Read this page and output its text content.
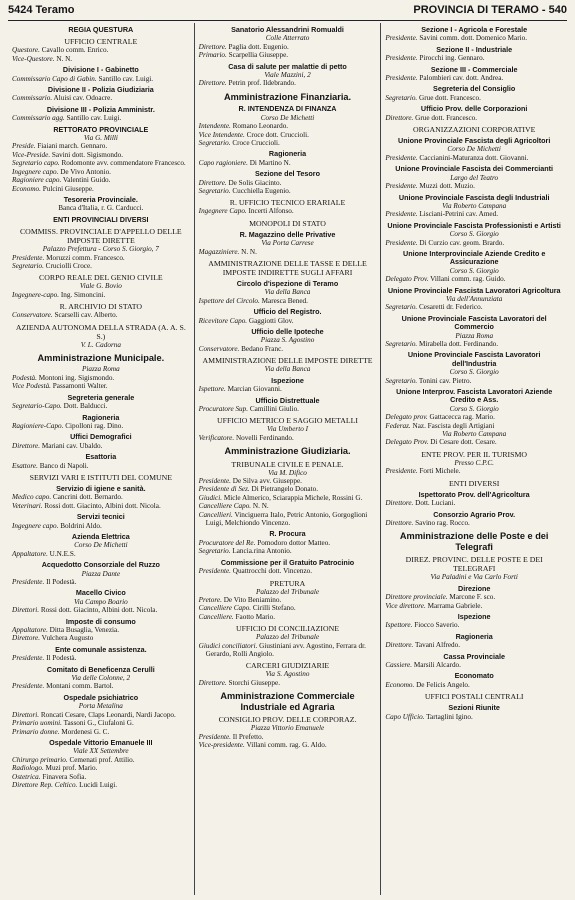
5424 Teramo	PROVINCIA DI TERAMO - 540
REGIA QUESTURA
UFFICIO CENTRALE
Questore. Cavallo comm. Enrico.
Vice-Questore. N. N.
Divisione I - Gabinetto
Commissario Capo di Gabin. Santillo cav. Luigi.
Divisione II - Polizia Giudiziaria
Commissario. Aluisi cav. Odoacre.
Divisione III - Polizia Amministr.
Commissario agg. Santillo cav. Luigi.
RETTORATO PROVINCIALE
Via G. Milli
Preside. Fiaiani march. Gennaro.
Vice-Preside. Savini dott. Sigismondo.
Segretario capo. Rodomonte avv. commendatore Francesco.
Ingegnere capo. De Vivo Antonio.
Ragioniere capo. Valentini Guido.
Economo. Pulcini Giuseppe.
Tesoreria Provinciale.
Banca d'Italia, r. G. Carducci.
ENTI PROVINCIALI DIVERSI
COMMISS. PROVINCIALE D'APPELLO DELLE IMPOSTE DIRETTE
Palazzo Prefettura - Corso S. Giorgio, 7
Presidente. Moruzzi comm. Francesco.
Segretario. Cruciolli Croce.
CORPO REALE DEL GENIO CIVILE
Viale G. Bovio
Ingegnere-capo. Ing. Simoncini.
R. ARCHIVIO DI STATO
Conservatore. Scarselli cav. Alberto.
AZIENDA AUTONOMA DELLA STRADA (A. A. S. S.)
V. L. Cadorna
Amministrazione Municipale.
Piazza Roma
Podestà. Montoni ing. Sigismondo.
Vice Podestà. Passamonti Walter.
Segreteria generale
Segretario-Capo. Dott. Balducci.
Ragioneria
Ragioniere-Capo. Cipolloni rag. Dino.
Uffici Demografici
Direttore. Mariani cav. Ubaldo.
Esattoria
Esattore. Banco di Napoli.
SERVIZI VARI E ISTITUTI DEL COMUNE
Servizio di igiene e sanità.
Medico capo. Cancrini dott. Bernardo.
Veterinari. Rossi dott. Giacinto, Albini dott. Nicola.
Servizi tecnici
Ingegnere capo. Boldrini Aldo.
Azienda Elettrica
Corso De Michetti
Appaltatore. U.N.E.S.
Acquedotto Consorziale del Ruzzo
Piazza Dante
Presidente. Il Podestà.
Macello Civico
Via Campo Boario
Direttori. Rossi dott. Giacinto, Albini dott. Nicola.
Imposte di consumo
Appaltatore. Ditta Busaglia, Venezia.
Direttore. Vulchera Augusto
Ente comunale assistenza.
Presidente. Il Podestà.
Comitato di Beneficenza Cerulli
Via delle Colonne, 2
Presidente. Montani comm. Bartol.
Ospedale psichiatrico
Porta Metalina
Direttori. Roncati Cesare, Claps Leonardi, Nardi Jacopo.
Primario uomini. Tassoni G., Ciufaloni G.
Primario donne. Mordenesi G. C.
Ospedale Vittorio Emanuele III
Viale XX Settembre
Chirurgo primario. Cemenati prof. Attilio.
Radiologo. Muzi prof. Mario.
Ostetrica. Finavera Sofia.
Direttore Rep. Celtico. Lucidi Luigi.
Sanatorio Alessandrini Romualdi
Colle Atterrato
Direttore. Paglia dott. Eugenio.
Primario. Scarpellia Giuseppe.
Casa di salute per malattie di petto
Viale Mazzini, 2
Direttore. Petrin prof. Ildebrando.
Amministrazione Finanziaria.
R. INTENDENZA DI FINANZA
Corso De Michetti
Intendente. Romano Leonardo.
Vice Intendente. Croce dott. Cruccioli.
Segretario. Croce Cruccioli.
Ragioneria
Capo ragioniere. Di Martino N.
Sezione del Tesoro
Direttore. De Solis Giacinto.
Segretario. Cucchiella Eugenio.
R. UFFICIO TECNICO ERARIALE
Ingegnere Capo. Incerti Alfonso.
MONOPOLI DI STATO
R. Magazzino delle Privative
Via Porta Carrese
Magazziniere. N. N.
AMMINISTRAZIONE DELLE TASSE E DELLE IMPOSTE INDIRETTE SUGLI AFFARI
Circolo d'ispezione di Teramo
Via della Banca
Ispettore del Circolo. Maresca Bened.
Ufficio del Registro.
Ricevitore Capo. Gaggiotti Glov.
Ufficio delle Ipoteche
Piazza S. Agostino
Conservatore. Bedano Franc.
AMMINISTRAZIONE DELLE IMPOSTE DIRETTE
Via della Banca
Ispezione
Ispettore. Marcian Giovanni.
Ufficio Distrettuale
Procuratore Sup. Camillini Giulio.
UFFICIO METRICO E SAGGIO METALLI
Via Umberto I
Verificatore. Novelli Ferdinando.
Amministrazione Giudiziaria.
TRIBUNALE CIVILE E PENALE.
Via M. Difico
Presidente. De Silva avv. Giuseppe.
Presidente di Sez. Di Pietrangelo Donato.
Giudici. Micle Almerico, Sciarappia Michele, Rossini G.
Cancelliere Capo. N. N.
Cancellieri. Vinciguerra Italo, Petric Antonio, Gorgoglioni Luigi, Melchiondo Vincenzo.
R. Procura
Procuratore del Re. Pomodoro dottor Matteo.
Segretario. Lancia.rina Antonio.
Commissione per il Gratuito Patrocinio
Presidente. Quattrocchi dott. Vincenzo.
PRETURA
Palazzo del Tribunale
Pretore. De Vito Beniamino.
Cancelliere Capo. Cirilli Stefano.
Cancelliere. Faotto Mario.
UFFICIO DI CONCILIAZIONE
Palazzo del Tribunale
Giudici conciliatori. Giustiniani avv. Agostino, Ferrara dr. Gerardo, Rolli Angiolo.
CARCERI GIUDIZIARIE
Via S. Agostino
Direttore. Storchi Giuseppe.
Amministrazione Commerciale Industriale ed Agraria
CONSIGLIO PROV. DELLE CORPORAZ.
Piazza Vittorio Emanuele
Presidente. Il Prefetto.
Vice-presidente. Villani comm. rag. G. Aldo.
Sezione I - Agricola e Forestale
Presidente. Savini comm. dott. Domenico Mario.
Sezione II - Industriale
Presidente. Pirocchi ing. Gennaro.
Sezione III - Commerciale
Presidente. Palombieri cav. dott. Andrea.
Segreteria del Consiglio
Segretario. Grue dott. Francesco.
Ufficio Prov. delle Corporazioni
Direttore. Grue dott. Francesco.
ORGANIZZAZIONI CORPORATIVE
Unione Provinciale Fascista degli Agricoltori
Corso De Michetti
Presidente. Caccianini-Maturanza dott. Giovanni.
Unione Provinciale Fascista dei Commercianti
Largo del Teatro
Presidente. Muzzi dott. Muzio.
Unione Provinciale Fascista degli Industriali
Via Roberto Campana
Presidente. Lisciani-Petrini cav. Amed.
Unione Provinciale Fascista Professionisti e Artisti
Corso S. Giorgio
Presidente. Di Curzio cav. geom. Brardo.
Unione Interprovinciale Aziende Credito e Assicurazione
Corso S. Giorgio
Delegato Prov. Villani comm. rag. Guido.
Unione Provinciale Fascista Lavoratori Agricoltura
Via dell'Annunziata
Segretario. Cesaretti dr. Federico.
Unione Provinciale Fascista Lavoratori del Commercio
Piazza Roma
Segretario. Mirabella dott. Ferdinando.
Unione Provinciale Fascista Lavoratori dell'Industria
Corso S. Giorgio
Segretario. Tonini cav. Pietro.
Unione Interprov. Fascista Lavoratori Aziende Credito e Ass.
Corso S. Giorgio
Delegato prov. Gattacecca rag. Mario.
Federaz. Naz. Fascista degli Artigiani
Via Roberto Campana
Delegato Prov. Di Cesare dott. Cesare.
ENTE PROV. PER IL TURISMO
Presso C.P.C.
Presidente. Forti Michele.
ENTI DIVERSI
Ispettorato Prov. dell'Agricoltura
Direttore. Dott. Luciani.
Consorzio Agrario Prov.
Direttore. Savino rag. Rocco.
Amministrazione delle Poste e dei Telegrafi
DIREZ. PROVINC. DELLE POSTE E DEI TELEGRAFI
Via Paladini e Via Carlo Forti
Direzione
Direttore provinciale. Marcone F. sco.
Vice direttore. Marrama Gabriele.
Ispezione
Ispettore. Fiocco Saverio.
Ragioneria
Direttore. Tavani Alfredo.
Cassa Provinciale
Cassiere. Marsili Alcardo.
Economato
Economo. De Felicis Angelo.
UFFICI POSTALI CENTRALI
Sezioni Riunite
Capo Ufficio. Tartaglini Igino.
